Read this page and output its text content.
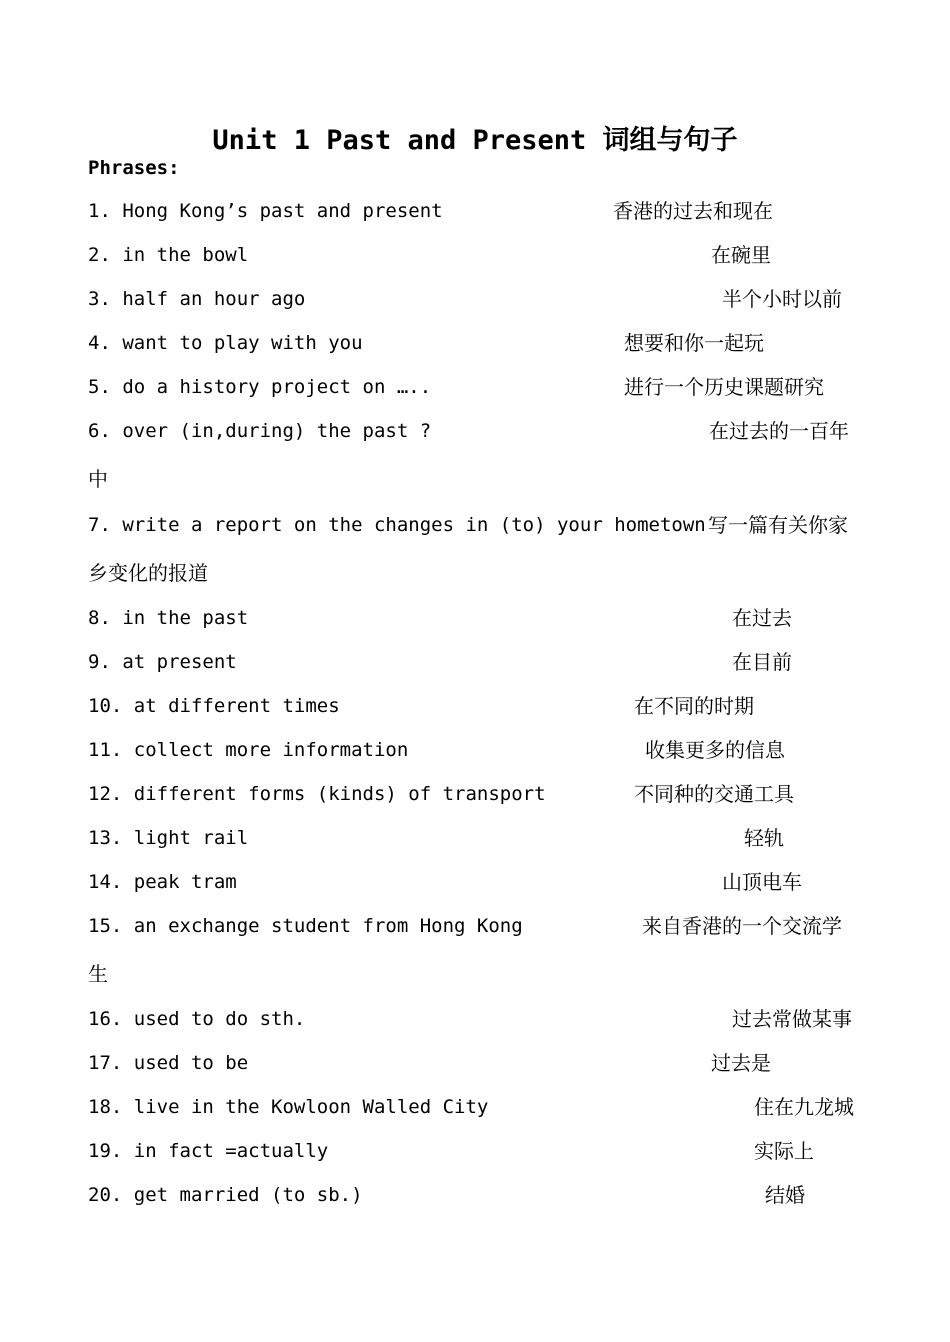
Unit 1 Past and Present 词组与句子
Phrases:
1. Hong Kong’s past and present	香港的过去和现在
2. in the bowl	在碗里
3. half an hour ago	半个小时以前
4. want to play with you	想要和你一起玩
5. do a history project on …..	进行一个历史课题研究
6. over (in,during) the past ?	在过去的一百年
中
7. write a report on the changes in (to) your hometown 写一篇有关你家
乡变化的报道
8. in the past	在过去
9. at present	在目前
10. at different times	在不同的时期
11. collect more information	收集更多的信息
12. different forms (kinds) of transport	不同种的交通工具
13. light rail	轻轨
14. peak tram	山顶电车
15. an exchange student from Hong Kong	来自香港的一个交流学
生
16. used to do sth.	过去常做某事
17. used to be	过去是
18. live in the Kowloon Walled City	住在九龙城
19. in fact =actually	实际上
20. get married (to sb.)	结婚
